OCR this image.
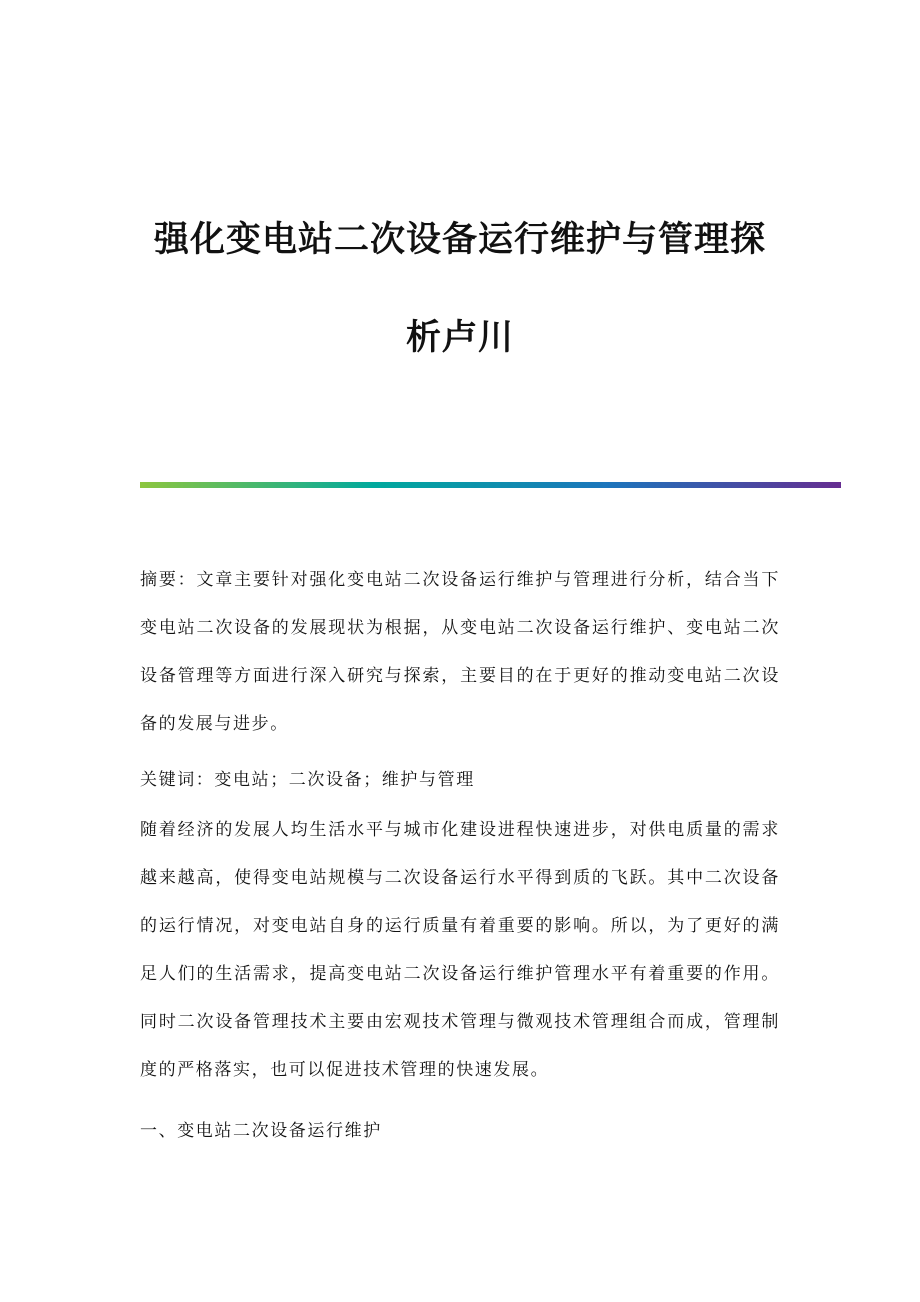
强化变电站二次设备运行维护与管理探
析卢川

摘要：文章主要针对强化变电站二次设备运行维护与管理进行分析，结合当下变电站二次设备的发展现状为根据，从变电站二次设备运行维护、变电站二次设备管理等方面进行深入研究与探索，主要目的在于更好的推动变电站二次设备的发展与进步。

关键词：变电站；二次设备；维护与管理

随着经济的发展人均生活水平与城市化建设进程快速进步，对供电质量的需求越来越高，使得变电站规模与二次设备运行水平得到质的飞跃。其中二次设备的运行情况，对变电站自身的运行质量有着重要的影响。所以，为了更好的满足人们的生活需求，提高变电站二次设备运行维护管理水平有着重要的作用。同时二次设备管理技术主要由宏观技术管理与微观技术管理组合而成，管理制度的严格落实，也可以促进技术管理的快速发展。

一、变电站二次设备运行维护
